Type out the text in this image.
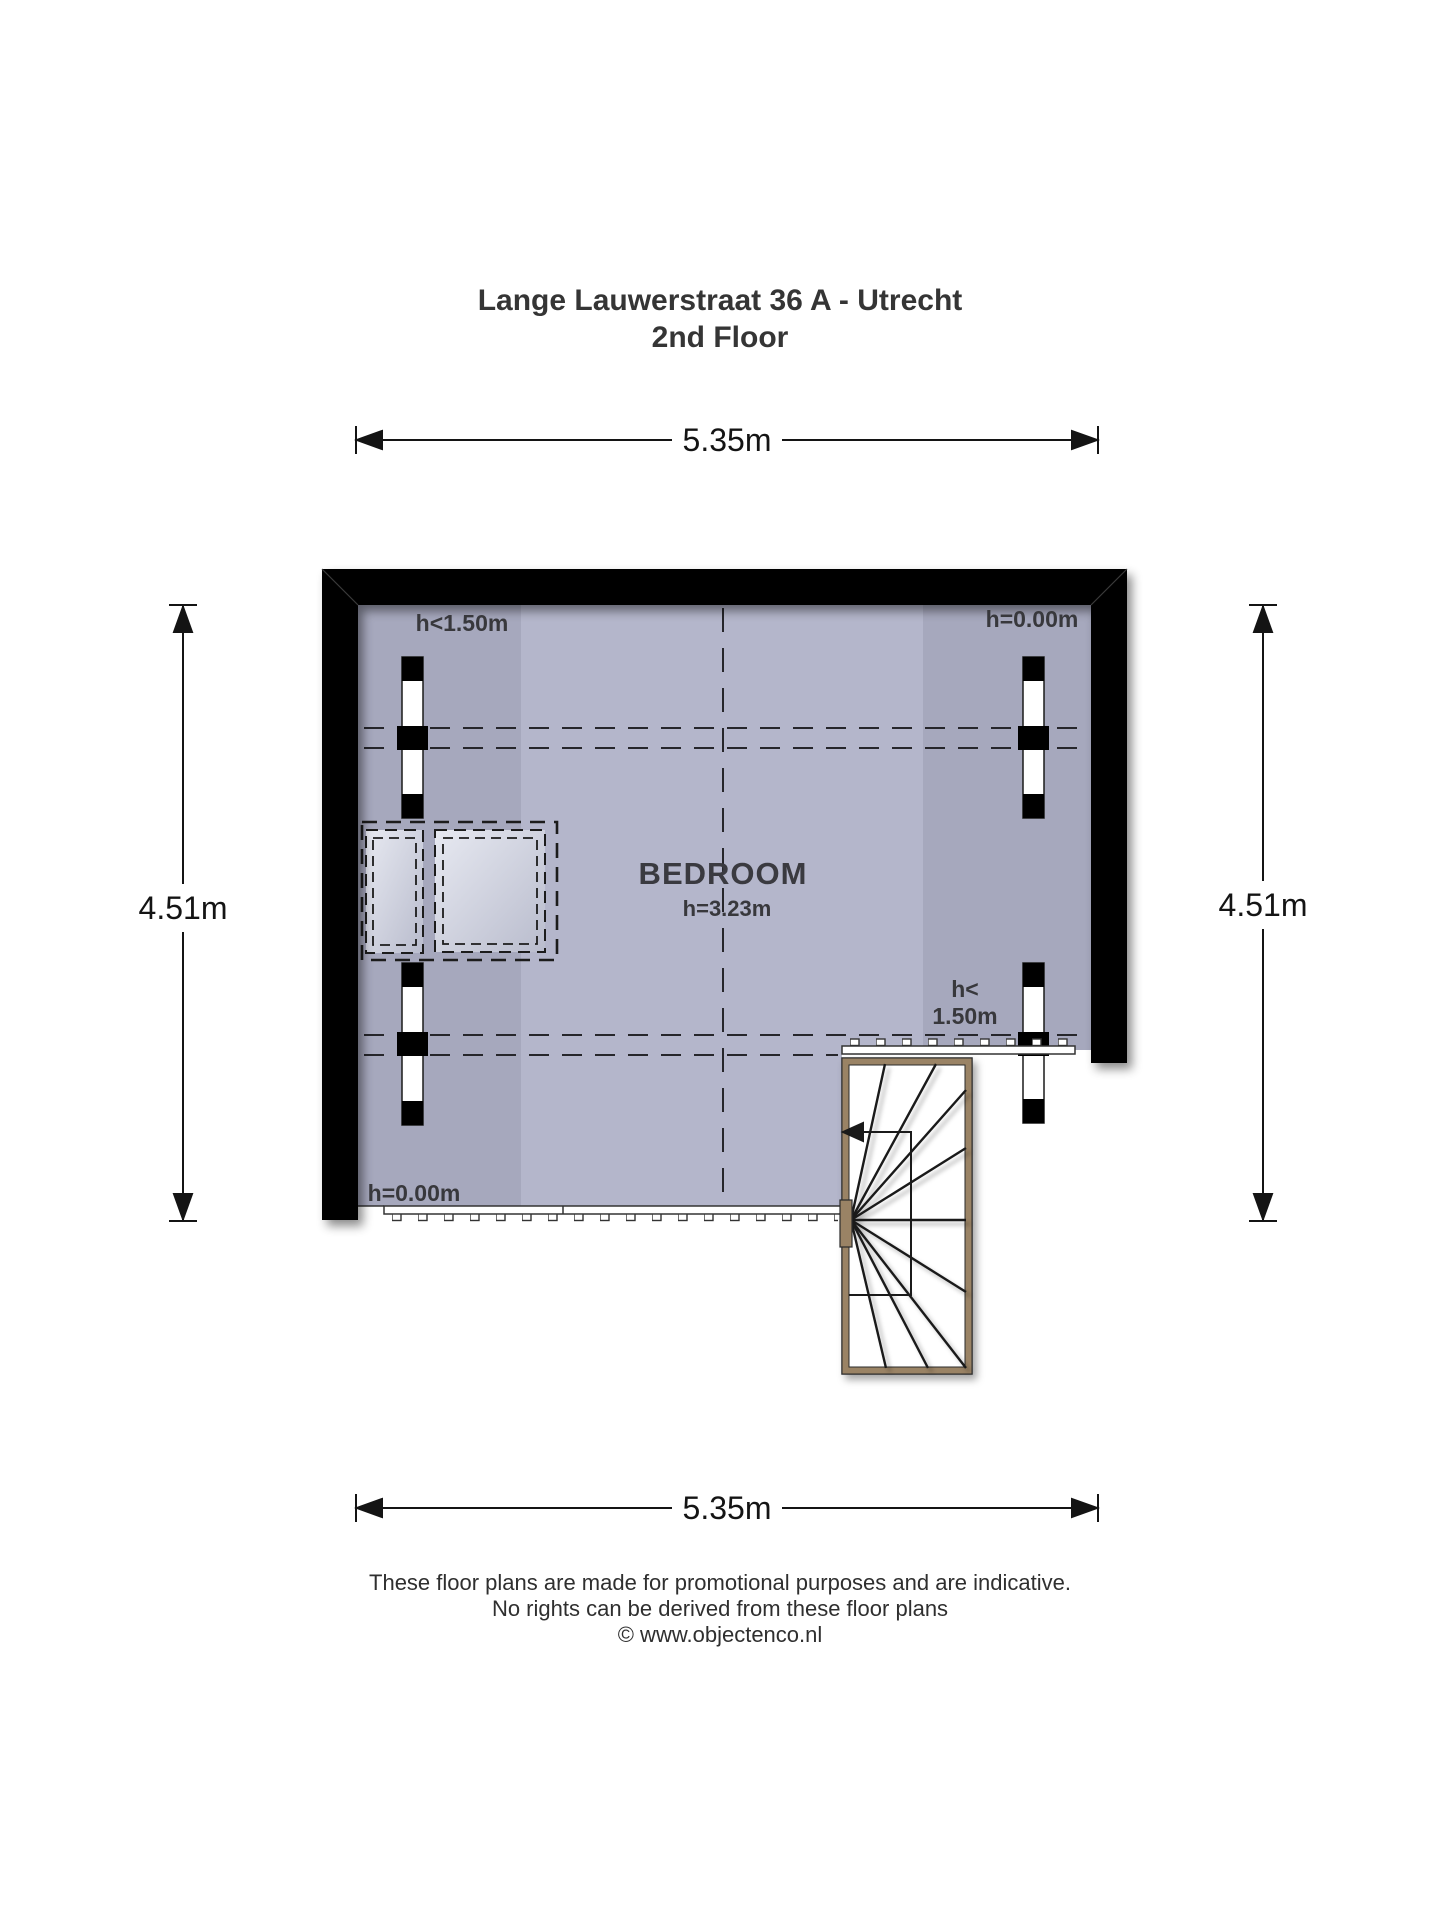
Lange Lauwerstraat 36 A - Utrecht
2nd Floor
5.35m
5.35m
4.51m	4.51m
h<1.50m	h=0.00m
h<
1.50m
h=0.00m
BEDROOM
h=3.23m
These floor plans are made for promotional purposes and are indicative.
No rights can be derived from these floor plans
© www.objectenco.nl
